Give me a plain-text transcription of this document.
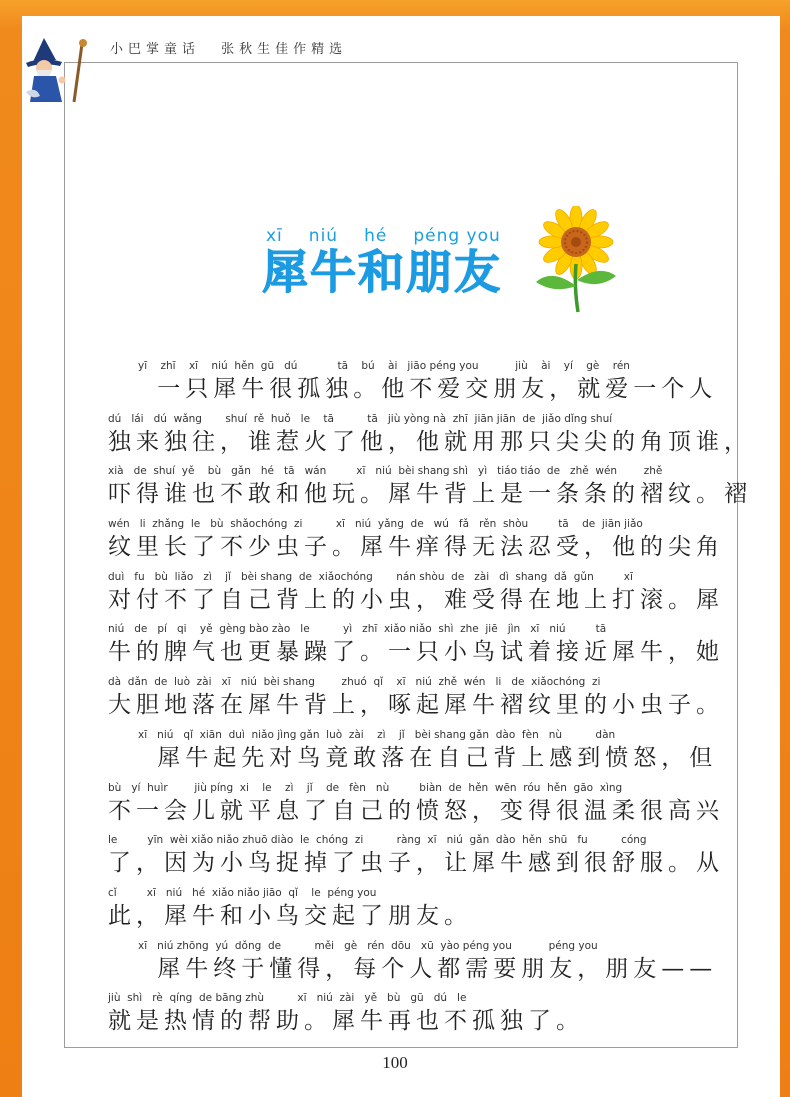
小巴掌童话 张秋生佳作精选
xī niú hé péng you
犀牛和朋友
yī    zhī    xī    niú  hěn  gū   dú            tā    bú    ài   jiāo péng you           jiù    ài    yí    gè    rén
一只犀牛很孤独。他不爱交朋友，就爱一个人
dú   lái   dú  wǎng       shuí  rě  huǒ   le    tā          tā   jiù yòng nà  zhī  jiān jiān  de  jiǎo dǐng shuí
独来独往，谁惹火了他，他就用那只尖尖的角顶谁，
xià   de  shuí  yě    bù   gǎn   hé   tā   wán         xī   niú  bèi shang shì   yì   tiáo tiáo  de   zhě  wén        zhě
吓得谁也不敢和他玩。犀牛背上是一条条的褶纹。褶
wén   li  zhǎng  le   bù  shǎochóng  zi          xī   niú  yǎng  de   wú   fǎ   rěn  shòu         tā    de  jiān jiǎo
纹里长了不少虫子。犀牛痒得无法忍受，他的尖角
duì   fu   bù  liǎo   zì    jǐ   bèi shang  de  xiǎochóng       nán shòu  de   zài   dì  shang  dǎ  gǔn         xī
对付不了自己背上的小虫，难受得在地上打滚。犀
niú   de   pí   qi    yě  gèng bào zào   le          yì   zhī  xiǎo niǎo  shì  zhe  jiē   jìn   xī   niú         tā
牛的脾气也更暴躁了。一只小鸟试着接近犀牛，她
dà  dǎn  de  luò  zài   xī   niú  bèi shang        zhuó  qǐ    xī   niú  zhě  wén   li   de  xiǎochóng  zi
大胆地落在犀牛背上，啄起犀牛褶纹里的小虫子。
xī   niú   qǐ  xiān  duì  niǎo jìng gǎn  luò  zài    zì    jǐ   bèi shang gǎn  dào  fèn   nù          dàn
犀牛起先对鸟竟敢落在自己背上感到愤怒，但
bù   yí  huìr        jiù píng  xi    le    zì    jǐ    de   fèn   nù         biàn  de  hěn  wēn  róu  hěn  gāo  xìng
不一会儿就平息了自己的愤怒，变得很温柔很高兴
le         yīn  wèi xiǎo niǎo zhuō diào  le  chóng  zi          ràng  xī   niú  gǎn  dào  hěn  shū   fu          cóng
了，因为小鸟捉掉了虫子，让犀牛感到很舒服。从
cǐ         xī   niú   hé  xiǎo niǎo jiāo  qǐ    le  péng you
此，犀牛和小鸟交起了朋友。
xī   niú zhōng  yú  dǒng  de          měi   gè   rén  dōu   xū  yào péng you           péng you
犀牛终于懂得，每个人都需要朋友，朋友——
jiù  shì   rè  qíng  de bāng zhù          xī   niú  zài   yě   bù   gū   dú   le
就是热情的帮助。犀牛再也不孤独了。
100
